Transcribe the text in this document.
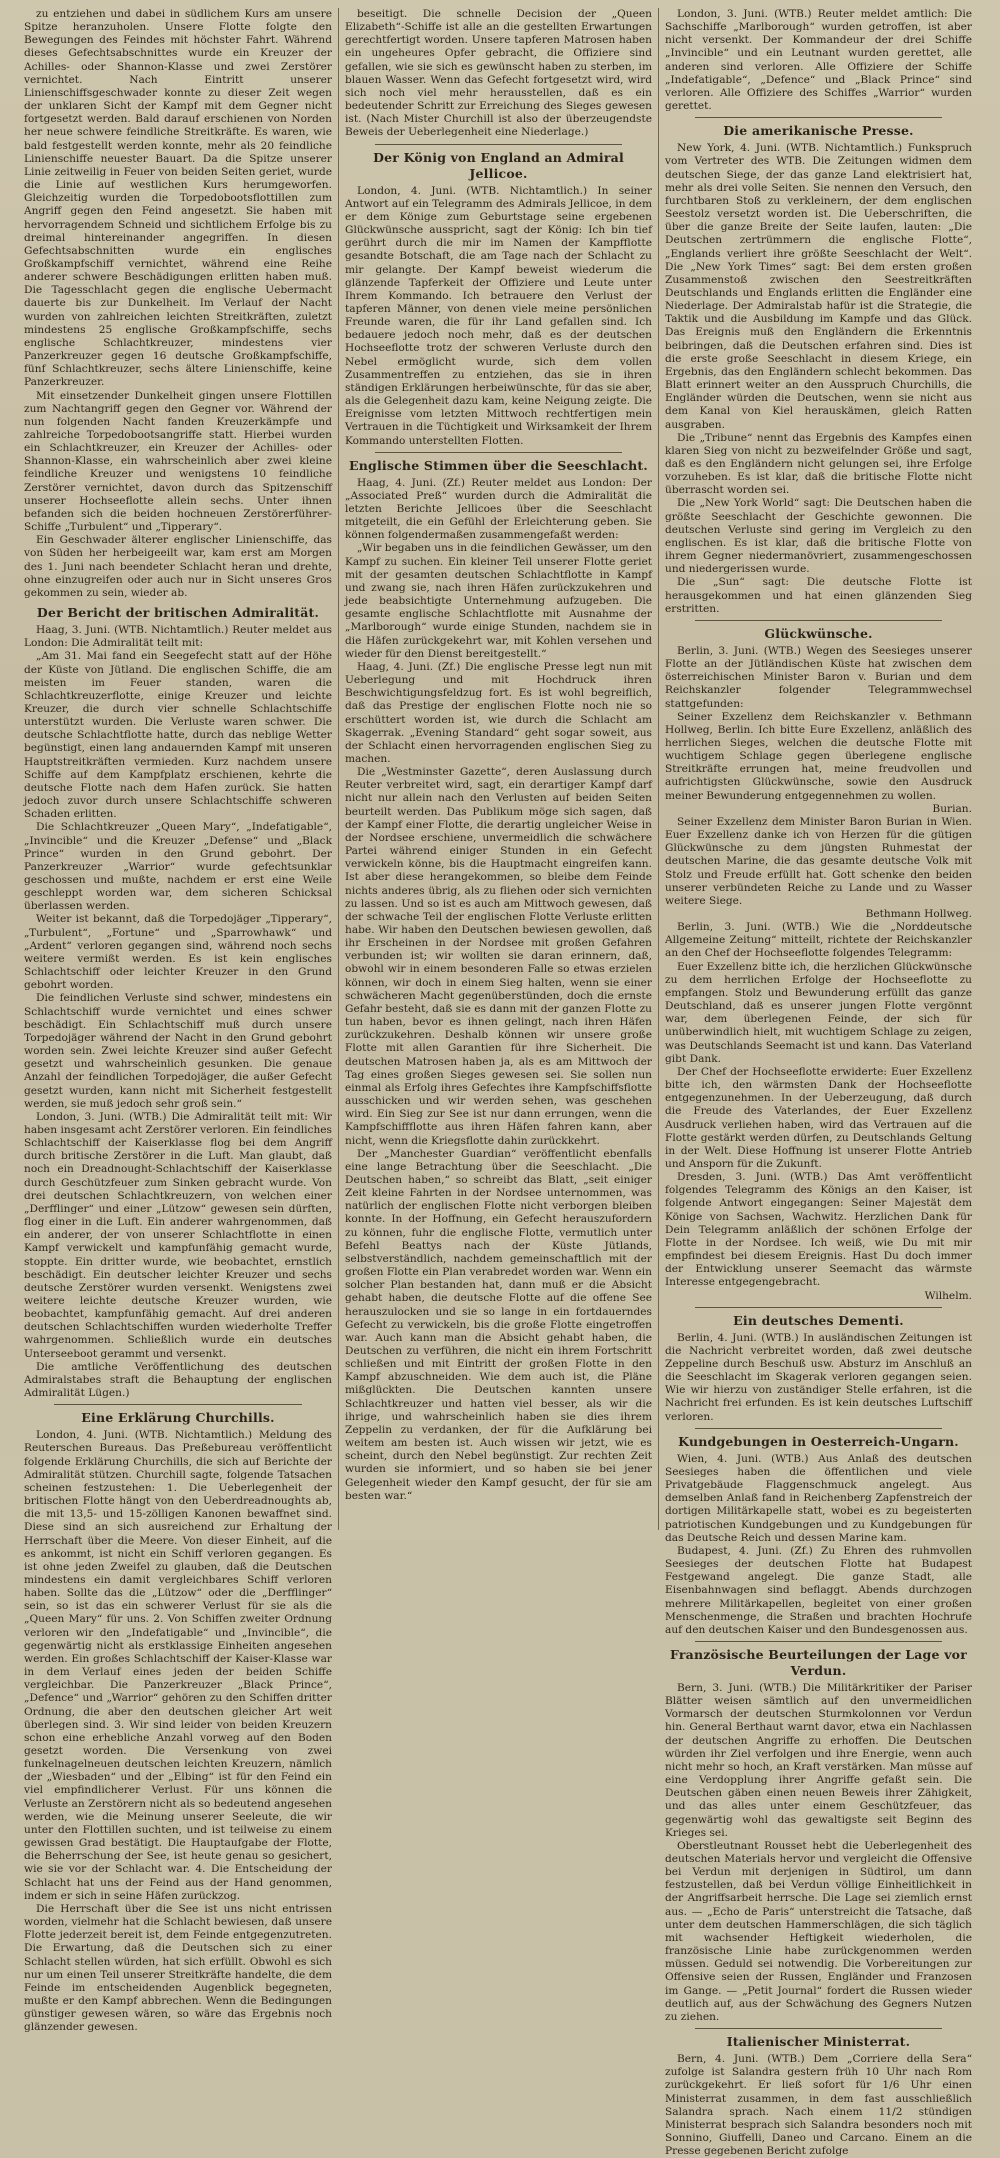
zu entziehen und dabei in südlichem Kurs am unsere Spitze heranzuholen. Unsere Flotte folgte den Bewegungen des Feindes mit höchster Fahrt. Während dieses Gefechtsabschnittes wurde ein Kreuzer der Achilles- oder Shannon-Klasse und zwei Zerstörer vernichtet. Nach Eintritt unserer Linienschiffsgeschwader konnte zu dieser Zeit wegen der unklaren Sicht der Kampf mit dem Gegner nicht fortgesetzt werden. Bald darauf erschienen von Norden her neue schwere feindliche Streitkräfte. Es waren, wie bald festgestellt werden konnte, mehr als 20 feindliche Linienschiffe neuester Bauart. Da die Spitze unserer Linie zeitweilig in Feuer von beiden Seiten geriet, wurde die Linie auf westlichen Kurs herumgeworfen. Gleichzeitig wurden die Torpedobootsflottillen zum Angriff gegen den Feind angesetzt. Sie haben mit hervorragendem Schneid und sichtlichem Erfolge bis zu dreimal hintereinander angegriffen. In diesen Gefechtsabschnitten wurde ein englisches Großkampfschiff vernichtet, während eine Reihe anderer schwere Beschädigungen erlitten haben muß. Die Tagesschlacht gegen die englische Uebermacht dauerte bis zur Dunkelheit. Im Verlauf der Nacht wurden von zahlreichen leichten Streitkräften, zuletzt mindestens 25 englische Großkampfschiffe, sechs englische Schlachtkreuzer, mindestens vier Panzerkreuzer gegen 16 deutsche Großkampfschiffe, fünf Schlachtkreuzer, sechs ältere Linienschiffe, keine Panzerkreuzer.

Mit einsetzender Dunkelheit gingen unsere Flottillen zum Nachtangriff gegen den Gegner vor. Während der nun folgenden Nacht fanden Kreuzerkämpfe und zahlreiche Torpedobootsangriffe statt. Hierbei wurden ein Schlachtkreuzer, ein Kreuzer der Achilles- oder Shannon-Klasse, ein wahrscheinlich aber zwei kleine feindliche Kreuzer und wenigstens 10 feindliche Zerstörer vernichtet, davon durch das Spitzenschiff unserer Hochseeflotte allein sechs. Unter ihnen befanden sich die beiden hochneuen Zerstörerführer-Schiffe „Turbulent“ und „Tipperary“.

Ein Geschwader älterer englischer Linienschiffe, das von Süden her herbeigeeilt war, kam erst am Morgen des 1. Juni nach beendeter Schlacht heran und drehte, ohne einzugreifen oder auch nur in Sicht unseres Gros gekommen zu sein, wieder ab.

Der Bericht der britischen Admiralität.

Haag, 3. Juni. (WTB. Nichtamtlich.) Reuter meldet aus London: Die Admiralität teilt mit:

„Am 31. Mai fand ein Seegefecht statt auf der Höhe der Küste von Jütland. Die englischen Schiffe, die am meisten im Feuer standen, waren die Schlachtkreuzerflotte, einige Kreuzer und leichte Kreuzer, die durch vier schnelle Schlachtschiffe unterstützt wurden. Die Verluste waren schwer. Die deutsche Schlachtflotte hatte, durch das neblige Wetter begünstigt, einen lang andauernden Kampf mit unseren Hauptstreitkräften vermieden. Kurz nachdem unsere Schiffe auf dem Kampfplatz erschienen, kehrte die deutsche Flotte nach dem Hafen zurück. Sie hatten jedoch zuvor durch unsere Schlachtschiffe schweren Schaden erlitten.

Die Schlachtkreuzer „Queen Mary“, „Indefatigable“, „Invincible“ und die Kreuzer „Defense“ und „Black Prince“ wurden in den Grund gebohrt. Der Panzerkreuzer „Warrior“ wurde gefechtsunklar geschossen und mußte, nachdem er erst eine Weile geschleppt worden war, dem sicheren Schicksal überlassen werden.

Weiter ist bekannt, daß die Torpedojäger „Tipperary“, „Turbulent“, „Fortune“ und „Sparrowhawk“ und „Ardent“ verloren gegangen sind, während noch sechs weitere vermißt werden. Es ist kein englisches Schlachtschiff oder leichter Kreuzer in den Grund gebohrt worden.

Die feindlichen Verluste sind schwer, mindestens ein Schlachtschiff wurde vernichtet und eines schwer beschädigt. Ein Schlachtschiff muß durch unsere Torpedojäger während der Nacht in den Grund gebohrt worden sein. Zwei leichte Kreuzer sind außer Gefecht gesetzt und wahrscheinlich gesunken. Die genaue Anzahl der feindlichen Torpedojäger, die außer Gefecht gesetzt wurden, kann nicht mit Sicherheit festgestellt werden, sie muß jedoch sehr groß sein.“

London, 3. Juni. (WTB.) Die Admiralität teilt mit: Wir haben insgesamt acht Zerstörer verloren. Ein feindliches Schlachtschiff der Kaiserklasse flog bei dem Angriff durch britische Zerstörer in die Luft. Man glaubt, daß noch ein Dreadnought-Schlachtschiff der Kaiserklasse durch Geschützfeuer zum Sinken gebracht wurde. Von drei deutschen Schlachtkreuzern, von welchen einer „Derfflinger“ und einer „Lützow“ gewesen sein dürften, flog einer in die Luft. Ein anderer wahrgenommen, daß ein anderer, der von unserer Schlachtflotte in einen Kampf verwickelt und kampfunfähig gemacht wurde, stoppte. Ein dritter wurde, wie beobachtet, ernstlich beschädigt. Ein deutscher leichter Kreuzer und sechs deutsche Zerstörer wurden versenkt. Wenigstens zwei weitere leichte deutsche Kreuzer wurden, wie beobachtet, kampfunfähig gemacht. Auf drei anderen deutschen Schlachtschiffen wurden wiederholte Treffer wahrgenommen. Schließlich wurde ein deutsches Unterseeboot gerammt und versenkt.

Die amtliche Veröffentlichung des deutschen Admiralstabes straft die Behauptung der englischen Admiralität Lügen.)

Eine Erklärung Churchills.

London, 4. Juni. (WTB. Nichtamtlich.) Meldung des Reuterschen Bureaus. Das Preßebureau veröffentlicht folgende Erklärung Churchills, die sich auf Berichte der Admiralität stützen. Churchill sagte, folgende Tatsachen scheinen festzustehen: 1. Die Ueberlegenheit der britischen Flotte hängt von den Ueberdreadnoughts ab, die mit 13,5- und 15-zölligen Kanonen bewaffnet sind. Diese sind an sich ausreichend zur Erhaltung der Herrschaft über die Meere. Von dieser Einheit, auf die es ankommt, ist nicht ein Schiff verloren gegangen. Es ist ohne jeden Zweifel zu glauben, daß die Deutschen mindestens ein damit vergleichbares Schiff verloren haben. Sollte das die „Lützow“ oder die „Derfflinger“ sein, so ist das ein schwerer Verlust für sie als die „Queen Mary“ für uns. 2. Von Schiffen zweiter Ordnung verloren wir den „Indefatigable“ und „Invincible“, die gegenwärtig nicht als erstklassige Einheiten angesehen werden. Ein großes Schlachtschiff der Kaiser-Klasse war in dem Verlauf eines jeden der beiden Schiffe vergleichbar. Die Panzerkreuzer „Black Prince“, „Defence“ und „Warrior“ gehören zu den Schiffen dritter Ordnung, die aber den deutschen gleicher Art weit überlegen sind. 3. Wir sind leider von beiden Kreuzern schon eine erhebliche Anzahl vorweg auf den Boden gesetzt worden. Die Versenkung von zwei funkelnagelneuen deutschen leichten Kreuzern, nämlich der „Wiesbaden“ und der „Elbing“ ist für den Feind ein viel empfindlicherer Verlust. Für uns können die Verluste an Zerstörern nicht als so bedeutend angesehen werden, wie die Meinung unserer Seeleute, die wir unter den Flottillen suchten, und ist teilweise zu einem gewissen Grad bestätigt. Die Hauptaufgabe der Flotte, die Beherrschung der See, ist heute genau so gesichert, wie sie vor der Schlacht war. 4. Die Entscheidung der Schlacht hat uns der Feind aus der Hand genommen, indem er sich in seine Häfen zurückzog.

Die Herrschaft über die See ist uns nicht entrissen worden, vielmehr hat die Schlacht bewiesen, daß unsere Flotte jederzeit bereit ist, dem Feinde entgegenzutreten. Die Erwartung, daß die Deutschen sich zu einer Schlacht stellen würden, hat sich erfüllt. Obwohl es sich nur um einen Teil unserer Streitkräfte handelte, die dem Feinde im entscheidenden Augenblick begegneten, mußte er den Kampf abbrechen. Wenn die Bedingungen günstiger gewesen wären, so wäre das Ergebnis noch glänzender gewesen.

beseitigt. Die schnelle Decision der „Queen Elizabeth“-Schiffe ist alle an die gestellten Erwartungen gerechtfertigt worden. Unsere tapferen Matrosen haben ein ungeheures Opfer gebracht, die Offiziere sind gefallen, wie sie sich es gewünscht haben zu sterben, im blauen Wasser. Wenn das Gefecht fortgesetzt wird, wird sich noch viel mehr herausstellen, daß es ein bedeutender Schritt zur Erreichung des Sieges gewesen ist. (Nach Mister Churchill ist also der überzeugendste Beweis der Ueberlegenheit eine Niederlage.)

Der König von England an Admiral Jellicoe.

London, 4. Juni. (WTB. Nichtamtlich.) In seiner Antwort auf ein Telegramm des Admirals Jellicoe, in dem er dem Könige zum Geburtstage seine ergebenen Glückwünsche ausspricht, sagt der König: Ich bin tief gerührt durch die mir im Namen der Kampfflotte gesandte Botschaft, die am Tage nach der Schlacht zu mir gelangte. Der Kampf beweist wiederum die glänzende Tapferkeit der Offiziere und Leute unter Ihrem Kommando. Ich betrauere den Verlust der tapferen Männer, von denen viele meine persönlichen Freunde waren, die für ihr Land gefallen sind. Ich bedauere jedoch noch mehr, daß es der deutschen Hochseeflotte trotz der schweren Verluste durch den Nebel ermöglicht wurde, sich dem vollen Zusammentreffen zu entziehen, das sie in ihren ständigen Erklärungen herbeiwünschte, für das sie aber, als die Gelegenheit dazu kam, keine Neigung zeigte. Die Ereignisse vom letzten Mittwoch rechtfertigen mein Vertrauen in die Tüchtigkeit und Wirksamkeit der Ihrem Kommando unterstellten Flotten.

Englische Stimmen über die Seeschlacht.

Haag, 4. Juni. (Zf.) Reuter meldet aus London: Der „Associated Preß“ wurden durch die Admiralität die letzten Berichte Jellicoes über die Seeschlacht mitgeteilt, die ein Gefühl der Erleichterung geben. Sie können folgendermaßen zusammengefaßt werden:

„Wir begaben uns in die feindlichen Gewässer, um den Kampf zu suchen. Ein kleiner Teil unserer Flotte geriet mit der gesamten deutschen Schlachtflotte in Kampf und zwang sie, nach ihren Häfen zurückzukehren und jede beabsichtigte Unternehmung aufzugeben. Die gesamte englische Schlachtflotte mit Ausnahme der „Marlborough“ wurde einige Stunden, nachdem sie in die Häfen zurückgekehrt war, mit Kohlen versehen und wieder für den Dienst bereitgestellt.“

Haag, 4. Juni. (Zf.) Die englische Presse legt nun mit Ueberlegung und mit Hochdruck ihren Beschwichtigungsfeldzug fort. Es ist wohl begreiflich, daß das Prestige der englischen Flotte noch nie so erschüttert worden ist, wie durch die Schlacht am Skagerrak. „Evening Standard“ geht sogar soweit, aus der Schlacht einen hervorragenden englischen Sieg zu machen.

Die „Westminster Gazette“, deren Auslassung durch Reuter verbreitet wird, sagt, ein derartiger Kampf darf nicht nur allein nach den Verlusten auf beiden Seiten beurteilt werden. Das Publikum möge sich sagen, daß der Kampf einer Flotte, die derartig ungleicher Weise in der Nordsee erschiene, unvermeidlich die schwächere Partei während einiger Stunden in ein Gefecht verwickeln könne, bis die Hauptmacht eingreifen kann. Ist aber diese herangekommen, so bleibe dem Feinde nichts anderes übrig, als zu fliehen oder sich vernichten zu lassen. Und so ist es auch am Mittwoch gewesen, daß der schwache Teil der englischen Flotte Verluste erlitten habe. Wir haben den Deutschen bewiesen gewollen, daß ihr Erscheinen in der Nordsee mit großen Gefahren verbunden ist; wir wollten sie daran erinnern, daß, obwohl wir in einem besonderen Falle so etwas erzielen können, wir doch in einem Sieg halten, wenn sie einer schwächeren Macht gegenüberstünden, doch die ernste Gefahr besteht, daß sie es dann mit der ganzen Flotte zu tun haben, bevor es ihnen gelingt, nach ihren Häfen zurückzukehren. Deshalb können wir unsere große Flotte mit allen Garantien für ihre Sicherheit. Die deutschen Matrosen haben ja, als es am Mittwoch der Tag eines großen Sieges gewesen sei. Sie sollen nun einmal als Erfolg ihres Gefechtes ihre Kampfschiffsflotte ausschicken und wir werden sehen, was geschehen wird. Ein Sieg zur See ist nur dann errungen, wenn die Kampfschiffflotte aus ihren Häfen fahren kann, aber nicht, wenn die Kriegsflotte dahin zurückkehrt.

Der „Manchester Guardian“ veröffentlicht ebenfalls eine lange Betrachtung über die Seeschlacht. „Die Deutschen haben,“ so schreibt das Blatt, „seit einiger Zeit kleine Fahrten in der Nordsee unternommen, was natürlich der englischen Flotte nicht verborgen bleiben konnte. In der Hoffnung, ein Gefecht herauszufordern zu können, fuhr die englische Flotte, vermutlich unter Befehl Beattys nach der Küste Jütlands, selbstverständlich, nachdem gemeinschaftlich mit der großen Flotte ein Plan verabredet worden war. Wenn ein solcher Plan bestanden hat, dann muß er die Absicht gehabt haben, die deutsche Flotte auf die offene See herauszulocken und sie so lange in ein fortdauerndes Gefecht zu verwickeln, bis die große Flotte eingetroffen war. Auch kann man die Absicht gehabt haben, die Deutschen zu verführen, die nicht ein ihrem Fortschritt schließen und mit Eintritt der großen Flotte in den Kampf abzuschneiden. Wie dem auch ist, die Pläne mißglückten. Die Deutschen kannten unsere Schlachtkreuzer und hatten viel besser, als wir die ihrige, und wahrscheinlich haben sie dies ihrem Zeppelin zu verdanken, der für die Aufklärung bei weitem am besten ist. Auch wissen wir jetzt, wie es scheint, durch den Nebel begünstigt. Zur rechten Zeit wurden sie informiert, und so haben sie bei jener Gelegenheit wieder den Kampf gesucht, der für sie am besten war.“

London, 3. Juni. (WTB.) Reuter meldet amtlich: Die Sachschiffe „Marlborough“ wurden getroffen, ist aber nicht versenkt. Der Kommandeur der drei Schiffe „Invincible“ und ein Leutnant wurden gerettet, alle anderen sind verloren. Alle Offiziere der Schiffe „Indefatigable“, „Defence“ und „Black Prince“ sind verloren. Alle Offiziere des Schiffes „Warrior“ wurden gerettet.

Die amerikanische Presse.

New York, 4. Juni. (WTB. Nichtamtlich.) Funkspruch vom Vertreter des WTB. Die Zeitungen widmen dem deutschen Siege, der das ganze Land elektrisiert hat, mehr als drei volle Seiten. Sie nennen den Versuch, den furchtbaren Stoß zu verkleinern, der dem englischen Seestolz versetzt worden ist. Die Ueberschriften, die über die ganze Breite der Seite laufen, lauten: „Die Deutschen zertrümmern die englische Flotte“, „Englands verliert ihre größte Seeschlacht der Welt“. Die „New York Times“ sagt: Bei dem ersten großen Zusammenstoß zwischen den Seestreitkräften Deutschlands und Englands erlitten die Engländer eine Niederlage. Der Admiralstab hafür ist die Strategie, die Taktik und die Ausbildung im Kampfe und das Glück. Das Ereignis muß den Engländern die Erkenntnis beibringen, daß die Deutschen erfahren sind. Dies ist die erste große Seeschlacht in diesem Kriege, ein Ergebnis, das den Engländern schlecht bekommen. Das Blatt erinnert weiter an den Ausspruch Churchills, die Engländer würden die Deutschen, wenn sie nicht aus dem Kanal von Kiel herauskämen, gleich Ratten ausgraben.

Die „Tribune“ nennt das Ergebnis des Kampfes einen klaren Sieg von nicht zu bezweifelnder Größe und sagt, daß es den Engländern nicht gelungen sei, ihre Erfolge vorzuheben. Es ist klar, daß die britische Flotte nicht überrascht worden sei.

Die „New York World“ sagt: Die Deutschen haben die größte Seeschlacht der Geschichte gewonnen. Die deutschen Verluste sind gering im Vergleich zu den englischen. Es ist klar, daß die britische Flotte von ihrem Gegner niedermanövriert, zusammengeschossen und niedergerissen wurde.

Die „Sun“ sagt: Die deutsche Flotte ist herausgekommen und hat einen glänzenden Sieg erstritten.

Glückwünsche.

Berlin, 3. Juni. (WTB.) Wegen des Seesieges unserer Flotte an der Jütländischen Küste hat zwischen dem österreichischen Minister Baron v. Burian und dem Reichskanzler folgender Telegrammwechsel stattgefunden:

Seiner Exzellenz dem Reichskanzler v. Bethmann Hollweg, Berlin. Ich bitte Eure Exzellenz, anläßlich des herrlichen Sieges, welchen die deutsche Flotte mit wuchtigem Schlage gegen überlegene englische Streitkräfte errungen hat, meine freudvollen und aufrichtigsten Glückwünsche, sowie den Ausdruck meiner Bewunderung entgegennehmen zu wollen.

Burian.

Seiner Exzellenz dem Minister Baron Burian in Wien. Euer Exzellenz danke ich von Herzen für die gütigen Glückwünsche zu dem jüngsten Ruhmestat der deutschen Marine, die das gesamte deutsche Volk mit Stolz und Freude erfüllt hat. Gott schenke den beiden unserer verbündeten Reiche zu Lande und zu Wasser weitere Siege.

Bethmann Hollweg.

Berlin, 3. Juni. (WTB.) Wie die „Norddeutsche Allgemeine Zeitung“ mitteilt, richtete der Reichskanzler an den Chef der Hochseeflotte folgendes Telegramm:

Euer Exzellenz bitte ich, die herzlichen Glückwünsche zu dem herrlichen Erfolge der Hochseeflotte zu empfangen. Stolz und Bewunderung erfüllt das ganze Deutschland, daß es unserer jungen Flotte vergönnt war, dem überlegenen Feinde, der sich für unüberwindlich hielt, mit wuchtigem Schlage zu zeigen, was Deutschlands Seemacht ist und kann. Das Vaterland gibt Dank.

Der Chef der Hochseeflotte erwiderte: Euer Exzellenz bitte ich, den wärmsten Dank der Hochseeflotte entgegenzunehmen. In der Ueberzeugung, daß durch die Freude des Vaterlandes, der Euer Exzellenz Ausdruck verliehen haben, wird das Vertrauen auf die Flotte gestärkt werden dürfen, zu Deutschlands Geltung in der Welt. Diese Hoffnung ist unserer Flotte Antrieb und Ansporn für die Zukunft.

Dresden, 3. Juni. (WTB.) Das Amt veröffentlicht folgendes Telegramm des Königs an den Kaiser, ist folgende Antwort eingegangen: Seiner Majestät dem Könige von Sachsen, Wachwitz. Herzlichen Dank für Dein Telegramm anläßlich der schönen Erfolge der Flotte in der Nordsee. Ich weiß, wie Du mit mir empfindest bei diesem Ereignis. Hast Du doch immer der Entwicklung unserer Seemacht das wärmste Interesse entgegengebracht.

Wilhelm.

Ein deutsches Dementi.

Berlin, 4. Juni. (WTB.) In ausländischen Zeitungen ist die Nachricht verbreitet worden, daß zwei deutsche Zeppeline durch Beschuß usw. Absturz im Anschluß an die Seeschlacht im Skagerak verloren gegangen seien. Wie wir hierzu von zuständiger Stelle erfahren, ist die Nachricht frei erfunden. Es ist kein deutsches Luftschiff verloren.

Kundgebungen in Oesterreich-Ungarn.

Wien, 4. Juni. (WTB.) Aus Anlaß des deutschen Seesieges haben die öffentlichen und viele Privatgebäude Flaggenschmuck angelegt. Aus demselben Anlaß fand in Reichenberg Zapfenstreich der dortigen Militärkapelle statt, wobei es zu begeisterten patriotischen Kundgebungen und zu Kundgebungen für das Deutsche Reich und dessen Marine kam.

Budapest, 4. Juni. (Zf.) Zu Ehren des ruhmvollen Seesieges der deutschen Flotte hat Budapest Festgewand angelegt. Die ganze Stadt, alle Eisenbahnwagen sind beflaggt. Abends durchzogen mehrere Militärkapellen, begleitet von einer großen Menschenmenge, die Straßen und brachten Hochrufe auf den deutschen Kaiser und den Bundesgenossen aus.

Französische Beurteilungen der Lage vor Verdun.

Bern, 3. Juni. (WTB.) Die Militärkritiker der Pariser Blätter weisen sämtlich auf den unvermeidlichen Vormarsch der deutschen Sturmkolonnen vor Verdun hin. General Berthaut warnt davor, etwa ein Nachlassen der deutschen Angriffe zu erhoffen. Die Deutschen würden ihr Ziel verfolgen und ihre Energie, wenn auch nicht mehr so hoch, an Kraft verstärken. Man müsse auf eine Verdopplung ihrer Angriffe gefaßt sein. Die Deutschen gäben einen neuen Beweis ihrer Zähigkeit, und das alles unter einem Geschützfeuer, das gegenwärtig wohl das gewaltigste seit Beginn des Krieges sei.

Oberstleutnant Rousset hebt die Ueberlegenheit des deutschen Materials hervor und vergleicht die Offensive bei Verdun mit derjenigen in Südtirol, um dann festzustellen, daß bei Verdun völlige Einheitlichkeit in der Angriffsarbeit herrsche. Die Lage sei ziemlich ernst aus. — „Echo de Paris“ unterstreicht die Tatsache, daß unter dem deutschen Hammerschlägen, die sich täglich mit wachsender Heftigkeit wiederholen, die französische Linie habe zurückgenommen werden müssen. Geduld sei notwendig. Die Vorbereitungen zur Offensive seien der Russen, Engländer und Franzosen im Gange. — „Petit Journal“ fordert die Russen wieder deutlich auf, aus der Schwächung des Gegners Nutzen zu ziehen.

Italienischer Ministerrat.

Bern, 4. Juni. (WTB.) Dem „Corriere della Sera“ zufolge ist Salandra gestern früh 10 Uhr nach Rom zurückgekehrt. Er ließ sofort für 1/6 Uhr einen Ministerrat zusammen, in dem fast ausschließlich Salandra sprach. Nach einem 11/2 stündigen Ministerrat besprach sich Salandra besonders noch mit Sonnino, Giuffelli, Daneo und Carcano. Einem an die Presse gegebenen Bericht zufolge
